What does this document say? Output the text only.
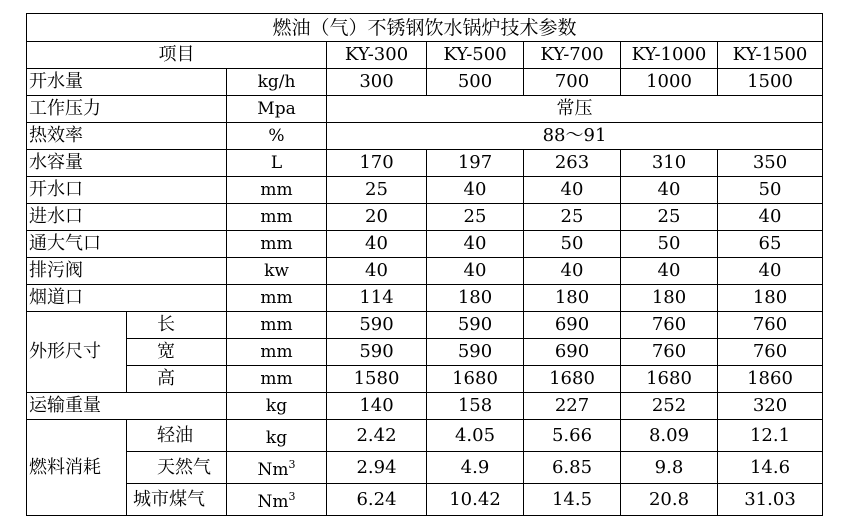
燃油（气）不锈钢饮水锅炉技术参数							
项目			KY-300	KY-500	KY-700	KY-1000	KY-1500
开水量		kg/h	300	500	700	1000	1500
工作压力		Mpa	常压				
热效率		%	88～91				
水容量		L	170	197	263	310	350
开水口		mm	25	40	40	40	50
进水口		mm	20	25	25	25	40
通大气口		mm	40	40	50	50	65
排污阀		kw	40	40	40	40	40
烟道口		mm	114	180	180	180	180
外形尺寸	长	mm	590	590	690	760	760
	宽	mm	590	590	690	760	760
	高	mm	1580	1680	1680	1680	1860
运输重量		kg	140	158	227	252	320
燃料消耗	轻油	kg	2.42	4.05	5.66	8.09	12.1
	天然气	Nm$^3$	2.94	4.9	6.85	9.8	14.6
	城市煤气	Nm$^3$	6.24	10.42	14.5	20.8	31.03
